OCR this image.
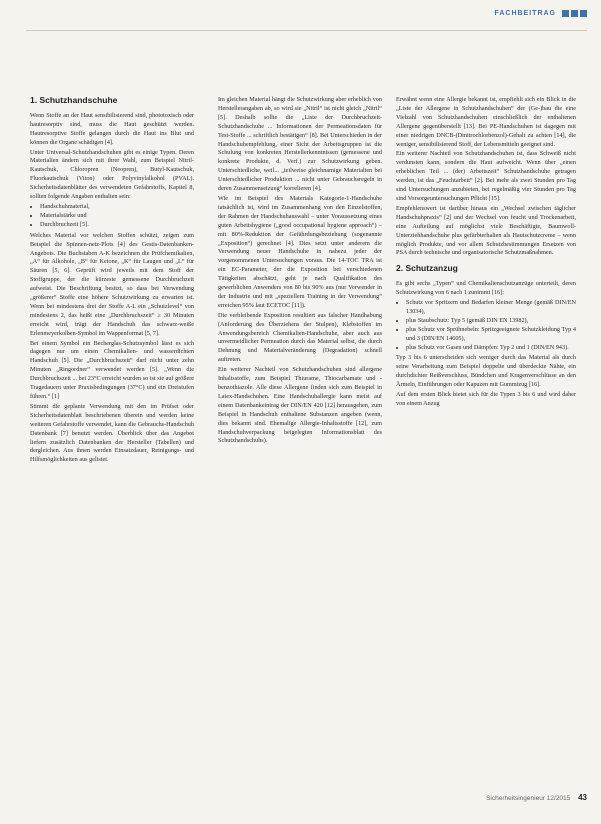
FACHBEITRAG
1. Schutzhandschuhe

Wenn Stoffe an der Haut sensibilisierend sind, phototoxisch oder hautresorptiv sind, muss die Haut geschützt werden. Hautresorptive Stoffe gelangen durch die Haut ins Blut und können die Organe schädigen [4].

Unter Universal-Schutzhandschuhen gibt es einige Typen. Deren Materialien ändern sich mit ihrer Wahl, zum Beispiel Nitril-Kautschuk, Chloropren (Neopren), Butyl-Kautschuk, Fluorkautschuk (Viton) oder Polyvinylalkohol (PVAL). Sicherheitsdatenblätter des verwendeten Gefahrstoffs, Kapitel 8, sollten folgende Angaben enthalten sein:

• Handschuhmaterial,
• Materialstärke und
• Durchbruchzeit [5].

Welches Material vor welchen Stoffen schützt, zeigen zum Beispiel die Spinnen-netz-Plots [4] des Gestis-Datenbanken-Angebots. Die Buchstaben A-K bezeichnen die Prüfchemikalien, „A“ für Alkohole, „B“ für Ketone, „K“ für Laugen und „L“ für Säuren [5, 6]. Geprüft wird jeweils mit dem Stoff der Stoffgruppe, der die kürzeste gemessene Durchbruchzeit aufweist. Die Beschriftung besitzt, so dass bei Verwendung „größerer“ Stoffe eine höhere Schutzwirkung zu erwarten ist. Wenn bei mindestens drei der Stoffe A-L ein „Schutzlevel“ von mindestens 2, das heißt eine „Durchbruchszeit“ ≥ 30 Minuten erreicht wird, trägt der Handschuh das schwarz-weiße Erlenmeyerkolben-Symbol im Wappenformat [5, 7].

Bei einem Symbol ein Becherglas-Schutzsymbol lässt es sich dagegen nur um einen Chemikalien- und wasserdichten Handschuh [5]. Die „Durchbruchszeit“ darf nicht unter zehn Minuten „Ringordner“ verwendet werden [5]. „Wenn die Durchbruchszeit ... bei 23°C erreicht wurden so ist sie auf größere Tragedauern unter Praxisbedingungen (37°C) und ein Dreistufen führen.“ [1]

Stimmt die geplante Verwendung mit den im Prüfset oder Sicherheitsdatenblatt beschriebenen überein und werden keine weiteren Gefahrstoffe verwendet, kann die Gebrauchs-Handschuh Datenbank [7] benutzt werden. Überblick über das Angebot liefern zusätzlich Datenbanken der Hersteller (Tabellen) und dergleichen. Aus ihnen werden Einsatzdauer, Reinigungs- und Hilfsmöglichkeiten aus gelistet.

Im gleichen Material hängt die Schutzwirkung aber erheblich von Herstellerangaben ab, so wird sie „Nitril“ ist nicht gleich „Nitril“ [5]. Deshalb sollte die „Liste der Durchbruchzeit-Schutzhandschuhe ... Informationen der Permeationsdaten für Test-Stoffe ... schriftlich bestätigen“ [8]. Bei Unterschieden in der Handschuhempfehlung, einer Sicht der Arbeitsgruppen ist die Schulung von konkreten Herstellerkenntnissen (gemessene und konkrete Produkte, d. Verf.) zur Schutzwirkung geben. Unterschiedliche, weil... „teilweise gleichnamige Materialien bei Unterschiedlicher Produktion ... nicht unter Gebrauchsregeln in deren Zusammensetzung“ korrelieren [4].

Wie im Beispiel des Materials Kategorie-1-Handschuhe tatsächlich ist, wird im Zusammenhang von den Einzelstoffen, der Rahmen der Handschuhauswahl – unter Voraussetzung eines guten Arbeitshygiene („good occupational hygiene approach“) – mit 80%-Reduktion der Gefährdungsbeziehung (sogenannte „Exposition“) gerechnet [4]. Dies setzt unter anderem die Verwendung neuer Handschuhe in nahezu jeder der vorgenommenen Untersuchungen voraus. Die 14-TOC TRA ist ein EC-Parameter, der die Exposition bei verschiedenen Tätigkeiten abschätzt, geht je nach Qualifikation des gewerblichen Anwenders von 80 bis 90% aus (nur Verwender in der Industrie und mit „speziellem Training in der Verwendung“ erreichen 95% laut ECETOC [11]).

Die verbleibende Exposition resultiert aus falscher Handhabung (Anforderung des Überziehens der Stulpen), Klebstoffen im Anwendungsbereich Chemikalien-Handschuhe, aber auch aus unvermeidlicher Permeation durch das Material selbst, die durch Dehnung und Materialveränderung (Degradation) schnell auftreten.

Ein weiterer Nachteil von Schutzhandschuhen sind allergene Inhaltsstoffe, zum Beispiel Thiurame, Thiocarbamate und -benzothiazole. Alle diese Allergene finden sich zum Beispiel in Latex-Handschuhen. Eine Handschuhallergie kann meist auf einem Datenbankeintrag der DIN/EN 420 [12] herausgehen, zum Beispiel in Handschuh enthaltene Substanzen angeben (wenn, dies bekannt sind. Ehemalige Allergie-Inhaltsstoffe [12], zum Handschuhverpackung beigelegten Informationsblatt des Schutzhandschuhs).

Erwähnt wenn eine Allergie bekannt ist, empfiehlt sich ein Blick in die „Liste der Allergene in Schutzhandschuhen“ der (Ge-)bau die eine Vielzahl von Schutzhandschuhen einschließlich der enthaltenen Allergene gegenüberstellt [13]. Bei PE-Handschuhen ist dagegen mit einer niedrigen DNCB-(Dinitrochlorbenzol)-Gehalt zu achten [14], die weniger, sensibilisierend Stoff, der Lebensmitteln geeignet sind.

Ein weiterer Nachteil von Schutzhandschuhen ist, dass Schweiß nicht verdunsten kann, sondern die Haut aufweicht. Wenn über „einen erheblichen Teil ... (der) Arbeitszeit“ Schutzhandschuhe getragen werden, ist das „Feuchtarbeit“ [2]. Bei mehr als zwei Stunden pro Tag sind Untersuchungen anzubieten, bei regelmäßig vier Stunden pro Tag sind Vorsorgeuntersuchungen Pflicht [15].

Empfehlenswert ist darüber hinaus ein „Wechsel zwischen täglicher Handschuhpraxis“ [2] und der Wechsel von feucht und Trockenarbeit, eine Aufteilung auf möglichst viele Beschäftigte, Baumwoll-Unterziehhandschuhe plus gefärbterhalten als Hautschutzcreme – wenn möglich Produkte, und vor allem Schutzbestimmungen Ersetzen von PSA durch technische und organisatorische Schutzmaßnahmen.

2. Schutzanzug

Es gibt sechs „Typen“ und Chemikalienschutzanzüge unterteilt, deren Schutzwirkung von 6 nach 1 zunimmt [16]:

• Schutz vor Spritzern und Bedarfen kleiner Menge (gemäß DIN/EN 13034),
• plus Staubschutz: Typ 5 (gemäß DIN EN 13982),
• plus Schutz vor Sprühnebeln: Spritzgeeignete Schutzkleidung Typ 4 und 3 (DIN/EN 14605),
• plus Schutz vor Gasen und Dämpfen: Typ 2 und 1 (DIN/EN 943).

Typ 3 bis 6 unterscheiden sich weniger durch das Material als durch seine Verarbeitung zum Beispiel doppelte und überdeckte Nähte, ein durchdichter Reißverschluss, Bündchen und Kragenverschlüsse an den Ärmeln, Einführungen oder Kapuzen mit Gummizug [16].

Auf dem ersten Blick bietet sich für die Typen 3 bis 6 und wird daher von einem Anzug

Sicherheitsingenieur 12/2015 43
